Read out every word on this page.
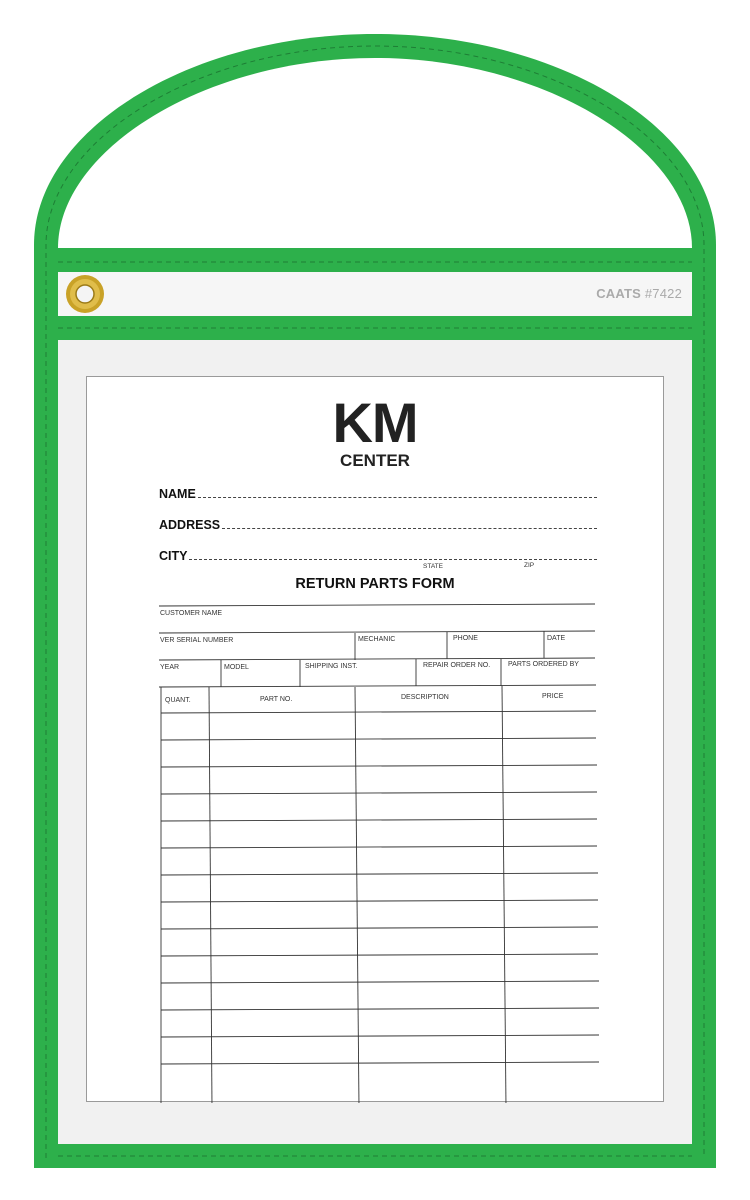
CAATS #7422
KM
CENTER
NAME
ADDRESS
CITY
STATE	ZIP
RETURN PARTS FORM
CUSTOMER NAME
VER SERIAL NUMBER	MECHANIC	PHONE	DATE
YEAR	MODEL	SHIPPING INST.	REPAIR ORDER NO.	PARTS ORDERED BY
QUANT.	PART NO.	DESCRIPTION	PRICE
